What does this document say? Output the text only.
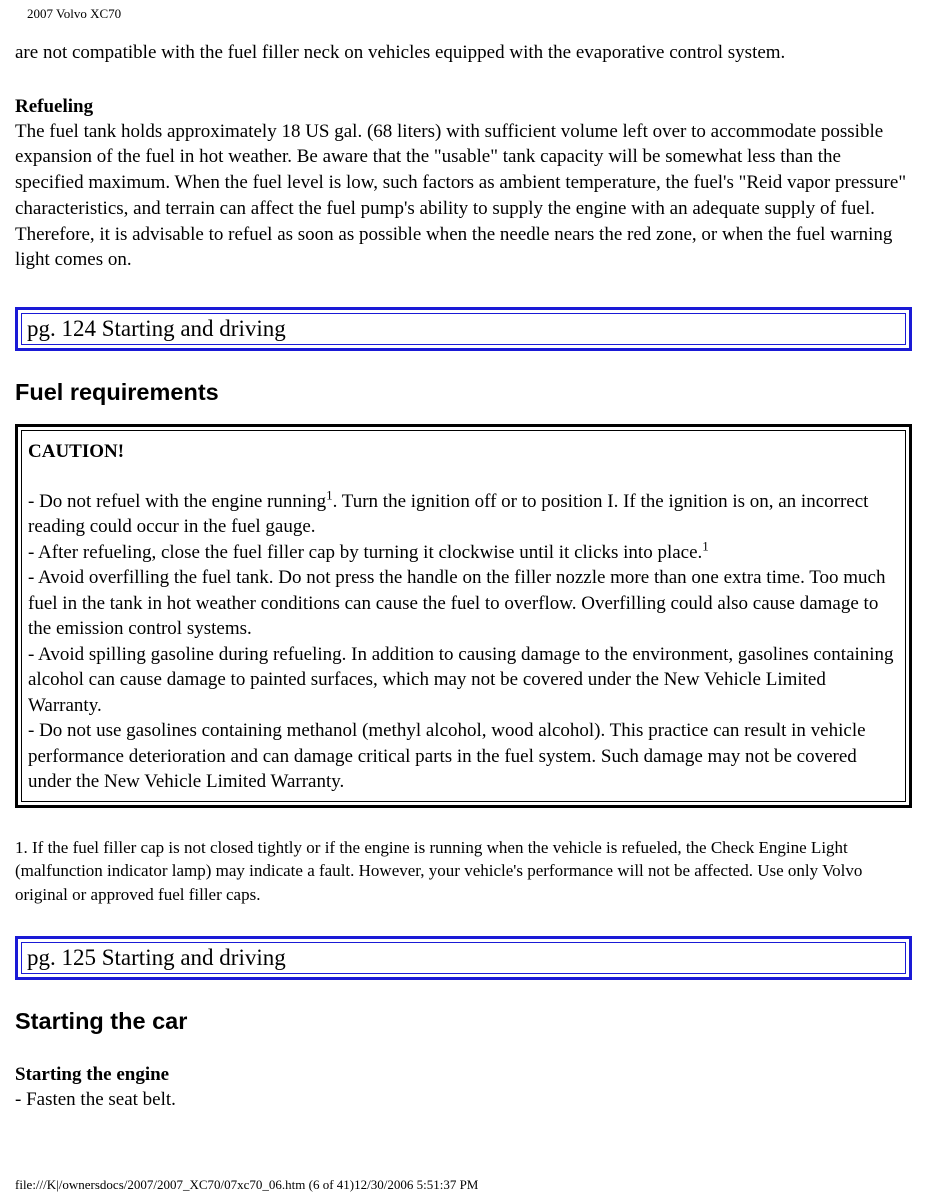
2007 Volvo XC70

are not compatible with the fuel filler neck on vehicles equipped with the evaporative control system.

Refueling

The fuel tank holds approximately 18 US gal. (68 liters) with sufficient volume left over to accommodate possible expansion of the fuel in hot weather. Be aware that the "usable" tank capacity will be somewhat less than the specified maximum. When the fuel level is low, such factors as ambient temperature, the fuel's "Reid vapor pressure" characteristics, and terrain can affect the fuel pump's ability to supply the engine with an adequate supply of fuel. Therefore, it is advisable to refuel as soon as possible when the needle nears the red zone, or when the fuel warning light comes on.

pg. 124 Starting and driving
Fuel requirements

CAUTION!

- Do not refuel with the engine running$^1$. Turn the ignition off or to position I. If the ignition is on, an incorrect reading could occur in the fuel gauge.

- After refueling, close the fuel filler cap by turning it clockwise until it clicks into place.$^1$

- Avoid overfilling the fuel tank. Do not press the handle on the filler nozzle more than one extra time. Too much fuel in the tank in hot weather conditions can cause the fuel to overflow. Overfilling could also cause damage to the emission control systems.

- Avoid spilling gasoline during refueling. In addition to causing damage to the environment, gasolines containing alcohol can cause damage to painted surfaces, which may not be covered under the New Vehicle Limited Warranty.

- Do not use gasolines containing methanol (methyl alcohol, wood alcohol). This practice can result in vehicle performance deterioration and can damage critical parts in the fuel system. Such damage may not be covered under the New Vehicle Limited Warranty.

1. If the fuel filler cap is not closed tightly or if the engine is running when the vehicle is refueled, the Check Engine Light (malfunction indicator lamp) may indicate a fault. However, your vehicle's performance will not be affected. Use only Volvo original or approved fuel filler caps.

pg. 125 Starting and driving
Starting the car

Starting the engine

- Fasten the seat belt.

file:///K|/ownersdocs/2007/2007_XC70/07xc70_06.htm (6 of 41)12/30/2006 5:51:37 PM
